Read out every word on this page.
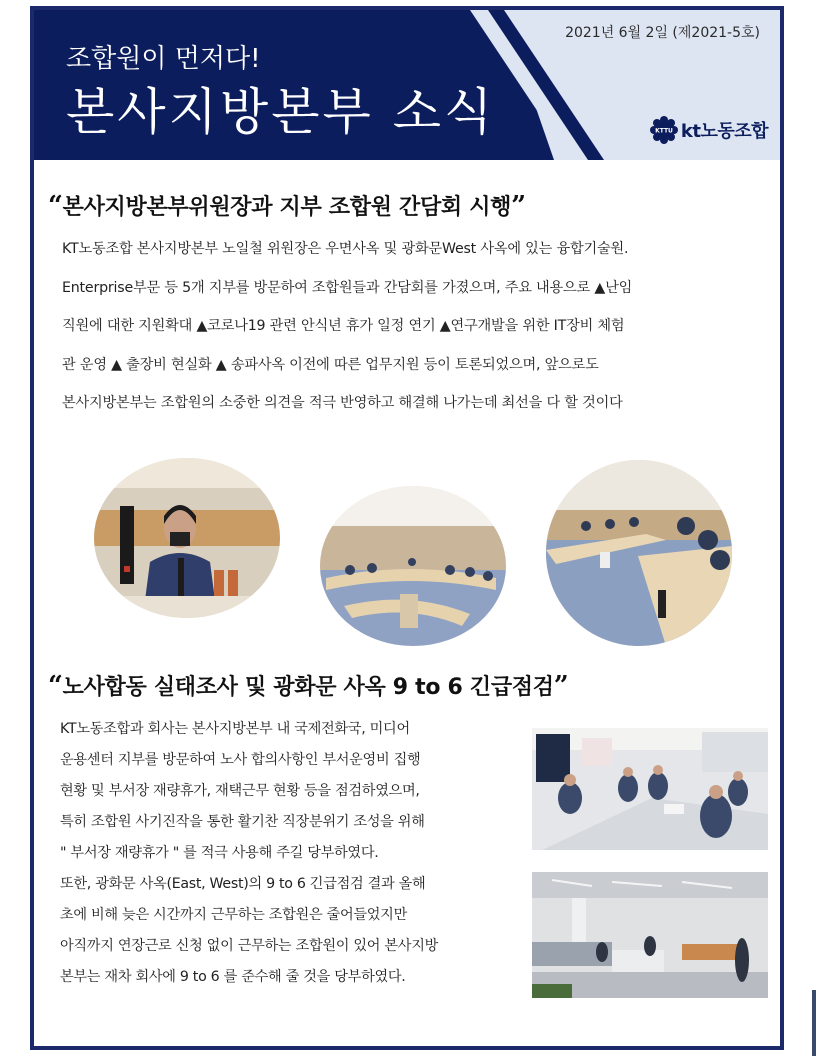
조합원이 먼저다!
본사지방본부 소식
2021년 6월 2일 (제2021-5호)
KTTU kt노동조합
“본사지방본부위원장과 지부 조합원 간담회 시행”
KT노동조합 본사지방본부 노일철 위원장은 우면사옥 및 광화문West 사옥에 있는 융합기술원.
Enterprise부문 등 5개 지부를 방문하여 조합원들과 간담회를 가졌으며, 주요 내용으로 ▲난임
직원에 대한 지원확대 ▲코로나19 관련 안식년 휴가 일정 연기 ▲연구개발을 위한 IT장비 체험
관 운영 ▲ 출장비 현실화 ▲ 송파사옥 이전에 따른 업무지원 등이 토론되었으며, 앞으로도
본사지방본부는 조합원의 소중한 의견을 적극 반영하고 해결해 나가는데 최선을 다 할 것이다
“노사합동 실태조사 및 광화문 사옥 9 to 6 긴급점검”
KT노동조합과 회사는 본사지방본부 내 국제전화국, 미디어
운용센터 지부를 방문하여 노사 합의사항인 부서운영비 집행
현황 및 부서장 재량휴가, 재택근무 현황 등을 점검하였으며,
특히 조합원 사기진작을 통한 활기찬 직장분위기 조성을 위해
" 부서장 재량휴가 " 를 적극 사용해 주길 당부하였다.
또한, 광화문 사옥(East, West)의 9 to 6 긴급점검 결과 올해
초에 비해 늦은 시간까지 근무하는 조합원은 줄어들었지만
아직까지 연장근로 신청 없이 근무하는 조합원이 있어 본사지방
본부는 재차 회사에 9 to 6 를 준수해 줄 것을 당부하였다.
